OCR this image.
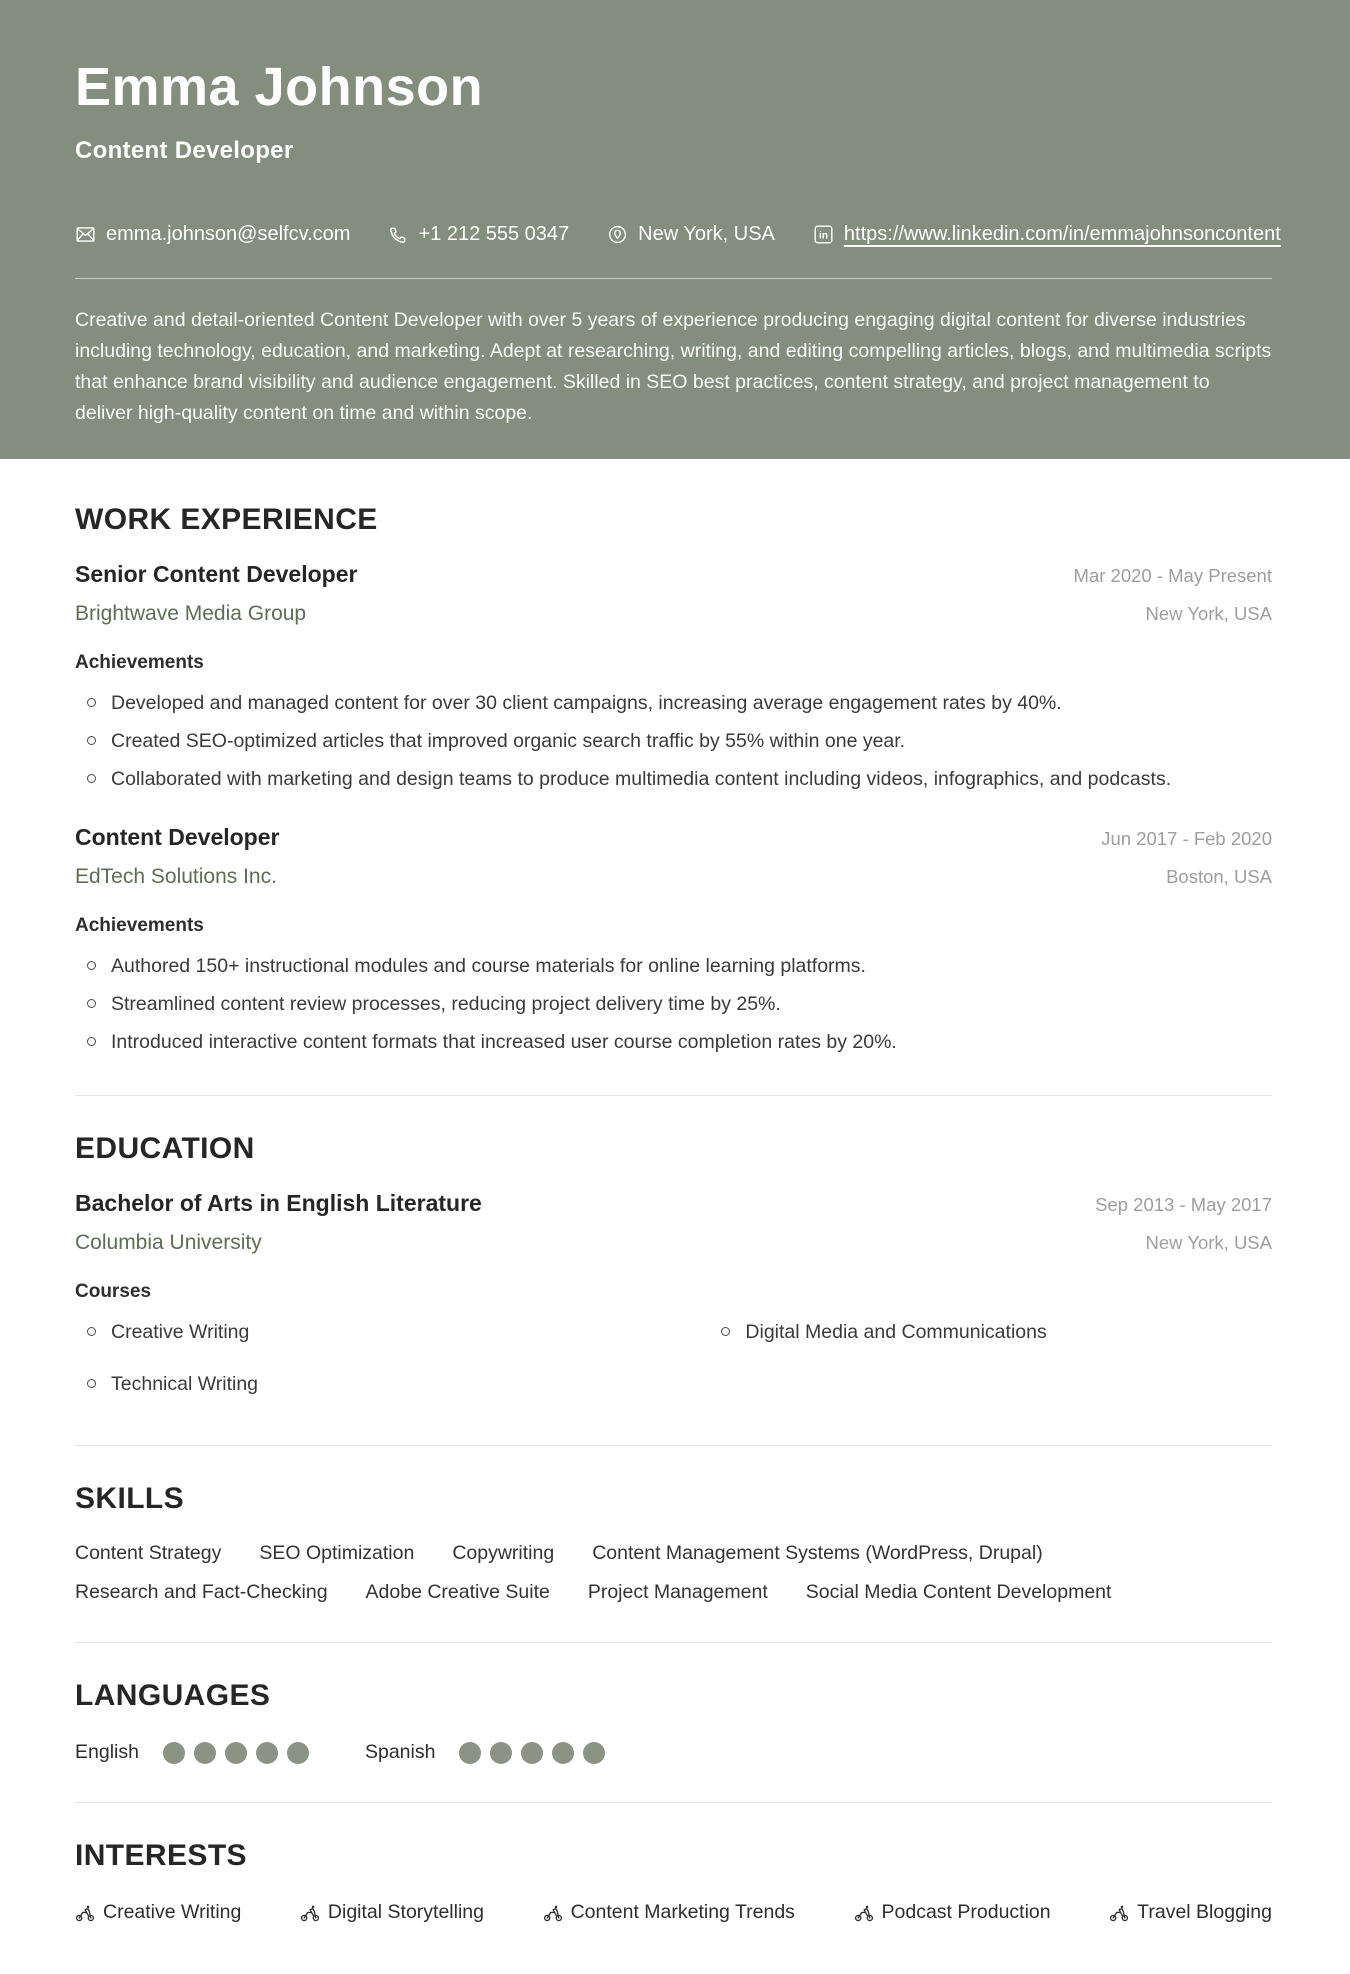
Emma Johnson
Content Developer
emma.johnson@selfcv.com	+1 212 555 0347	New York, USA	in https://www.linkedin.com/in/emmajohnsoncontent

Creative and detail-oriented Content Developer with over 5 years of experience producing engaging digital content for diverse industries including technology, education, and marketing. Adept at researching, writing, and editing compelling articles, blogs, and multimedia scripts that enhance brand visibility and audience engagement. Skilled in SEO best practices, content strategy, and project management to deliver high-quality content on time and within scope.

WORK EXPERIENCE
Senior Content Developer	Mar 2020 - May Present
Brightwave Media Group	New York, USA
Achievements
Developed and managed content for over 30 client campaigns, increasing average engagement rates by 40%.
Created SEO-optimized articles that improved organic search traffic by 55% within one year.
Collaborated with marketing and design teams to produce multimedia content including videos, infographics, and podcasts.
Content Developer	Jun 2017 - Feb 2020
EdTech Solutions Inc.	Boston, USA
Achievements
Authored 150+ instructional modules and course materials for online learning platforms.
Streamlined content review processes, reducing project delivery time by 25%.
Introduced interactive content formats that increased user course completion rates by 20%.
EDUCATION
Bachelor of Arts in English Literature	Sep 2013 - May 2017
Columbia University	New York, USA
Courses
Creative Writing	Digital Media and Communications
Technical Writing
SKILLS
Content Strategy SEO Optimization Copywriting Content Management Systems (WordPress, Drupal)
Research and Fact-Checking Adobe Creative Suite Project Management Social Media Content Development
LANGUAGES
English	Spanish
INTERESTS
Creative Writing	Digital Storytelling	Content Marketing Trends	Podcast Production	Travel Blogging
